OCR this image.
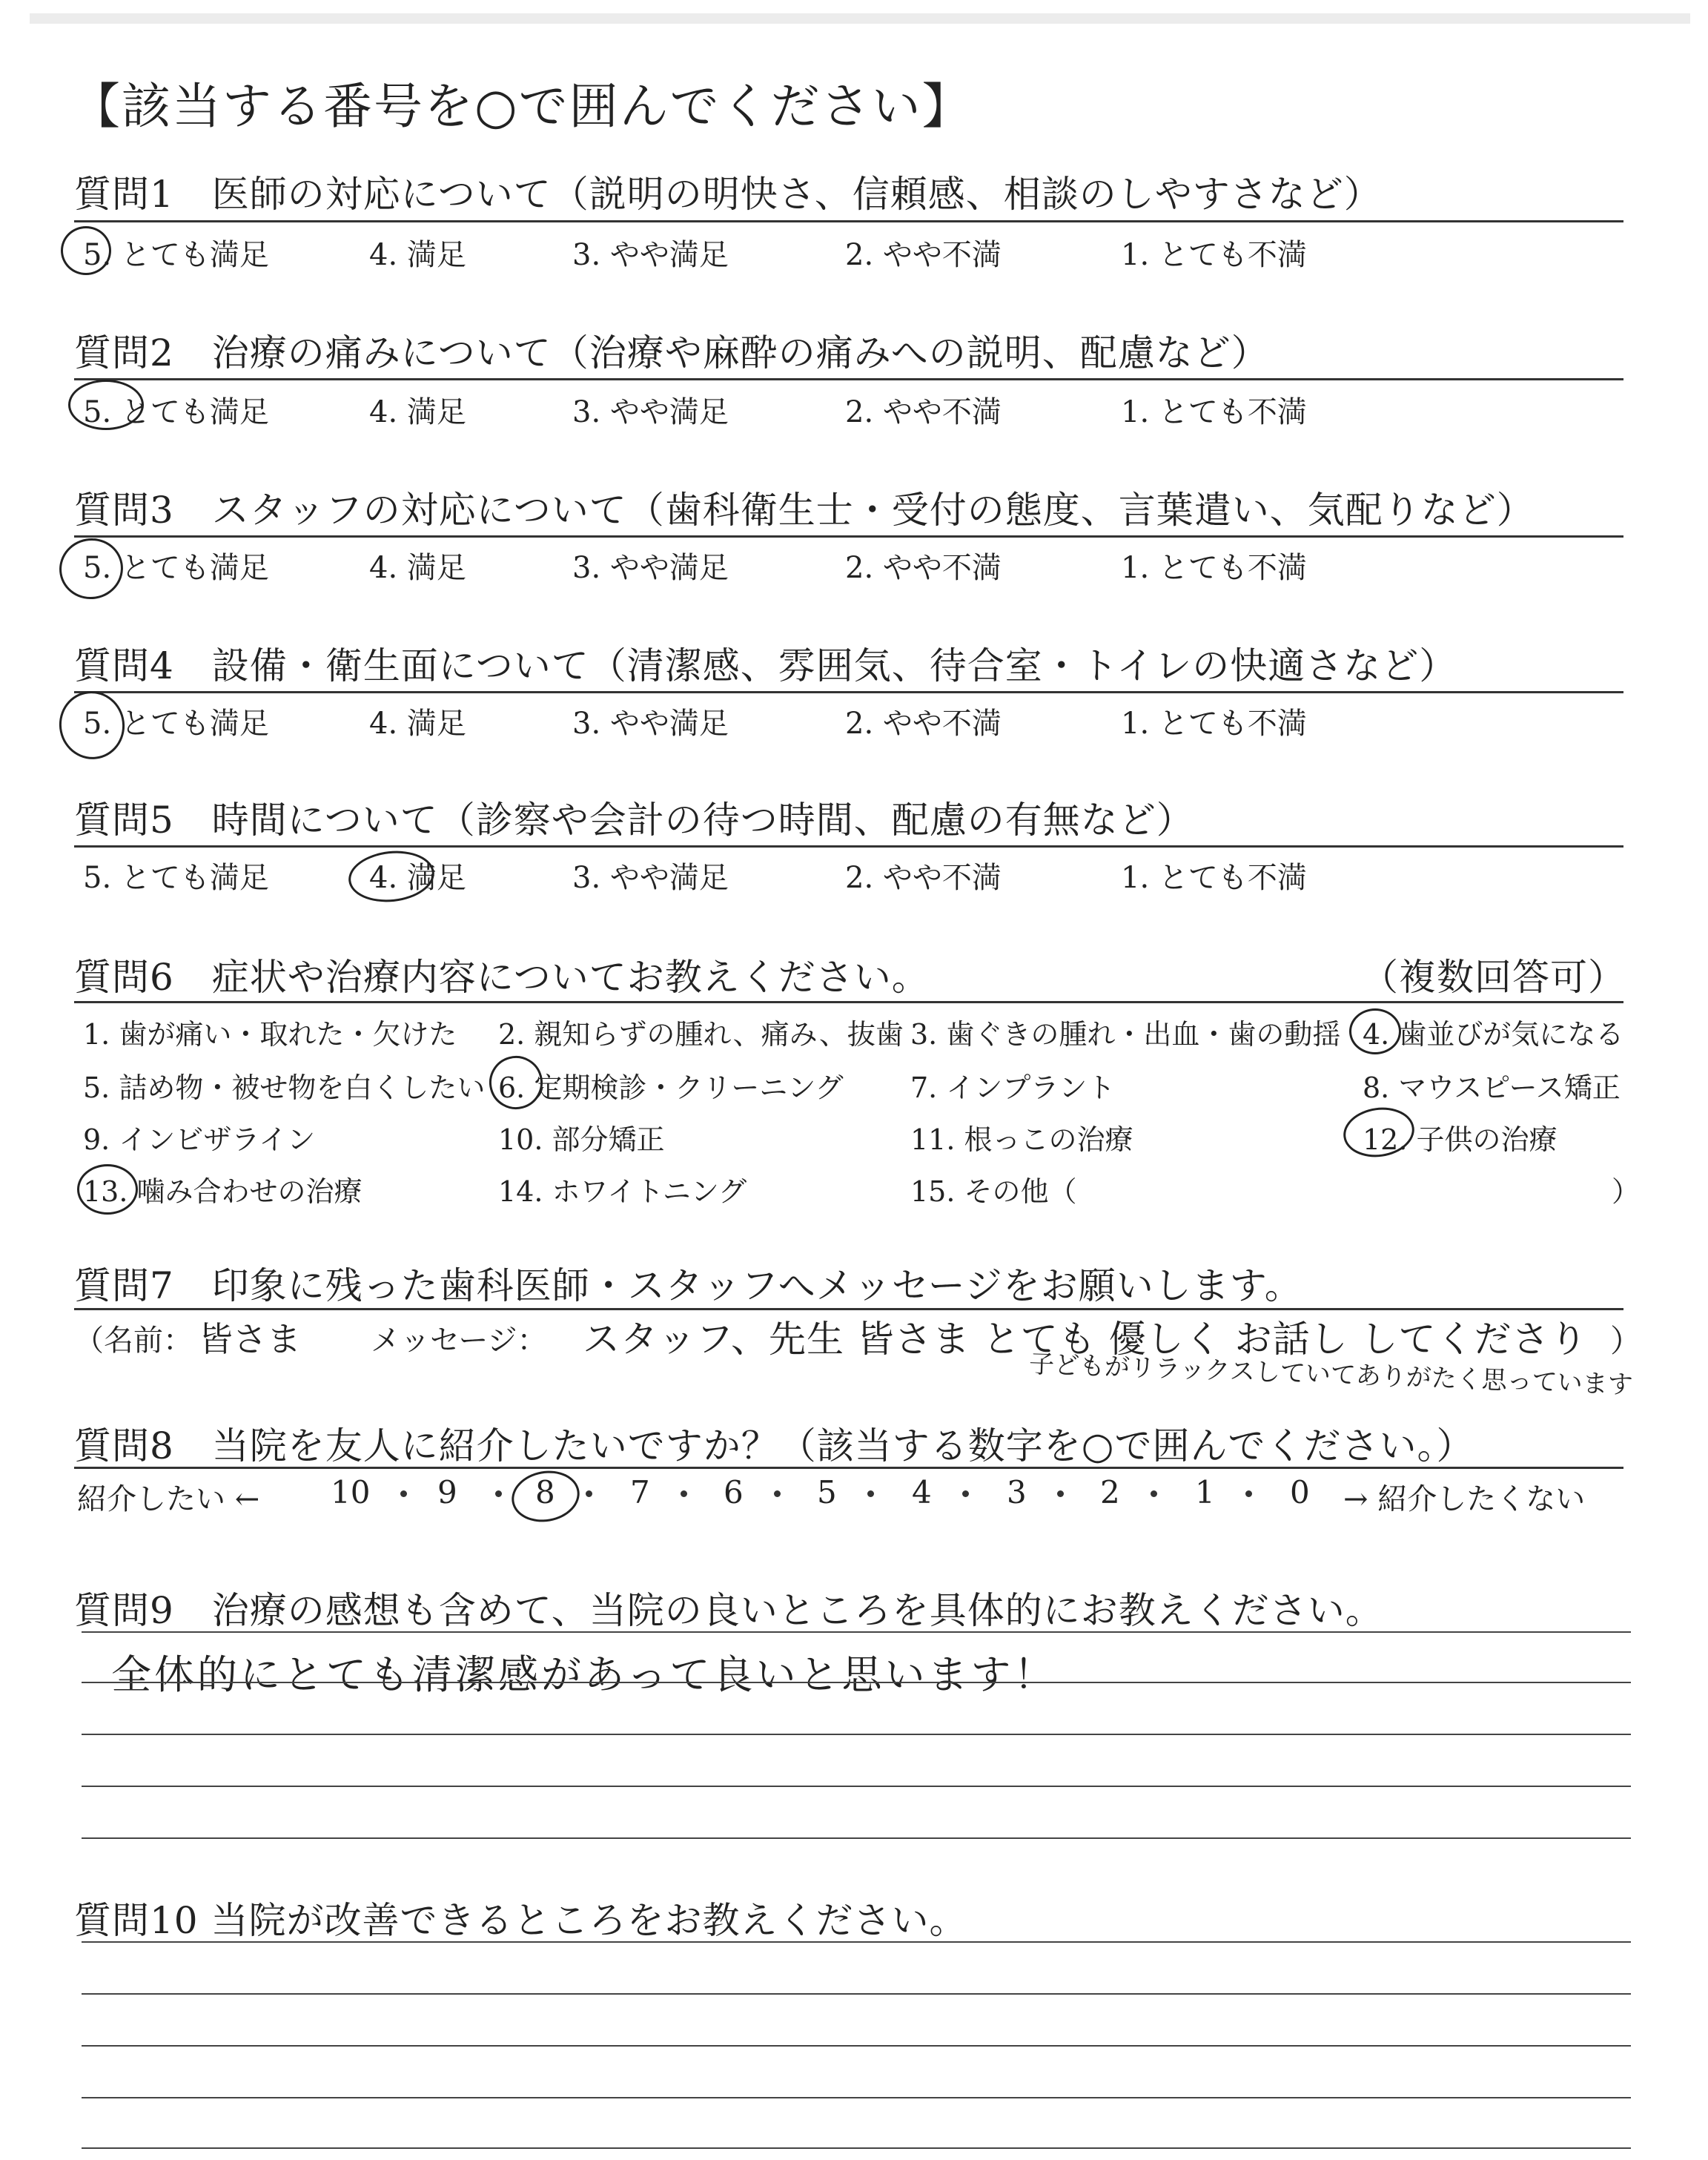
【該当する番号を○で囲んでください】
質問1　医師の対応について（説明の明快さ、信頼感、相談のしやすさなど）
5. とても満足	4. 満足	3. やや満足	2. やや不満	1. とても不満
質問2　治療の痛みについて（治療や麻酔の痛みへの説明、配慮など）
5. とても満足	4. 満足	3. やや満足	2. やや不満	1. とても不満
質問3　スタッフの対応について（歯科衛生士・受付の態度、言葉遣い、気配りなど）
5. とても満足	4. 満足	3. やや満足	2. やや不満	1. とても不満
質問4　設備・衛生面について（清潔感、雰囲気、待合室・トイレの快適さなど）
5. とても満足	4. 満足	3. やや満足	2. やや不満	1. とても不満
質問5　時間について（診察や会計の待つ時間、配慮の有無など）
5. とても満足	4. 満足	3. やや満足	2. やや不満	1. とても不満
質問6　症状や治療内容についてお教えください。	（複数回答可）
1. 歯が痛い・取れた・欠けた 2. 親知らずの腫れ、痛み、抜歯 3. 歯ぐきの腫れ・出血・歯の動揺 4. 歯並びが気になる
5. 詰め物・被せ物を白くしたい 6. 定期検診・クリーニング 7. インプラント	8. マウスピース矯正
9. インビザライン	10. 部分矯正	11. 根っこの治療	12. 子供の治療
13. 噛み合わせの治療	14. ホワイトニング	15. その他（	）
質問7　印象に残った歯科医師・スタッフへメッセージをお願いします。
（名前： 皆さま メッセージ： スタッフ、先生 皆さま とても 優しく お話し してくださり
子どもがリラックスしていてありがたく思っています
）
質問8　当院を友人に紹介したいですか？（該当する数字を○で囲んでください。）
紹介したい ← 10 9	8 7 6 5 4 3 2 1 0 → 紹介したくない
質問9　治療の感想も含めて、当院の良いところを具体的にお教えください。
全体的にとても清潔感があって良いと思います！
質問10 当院が改善できるところをお教えください。
